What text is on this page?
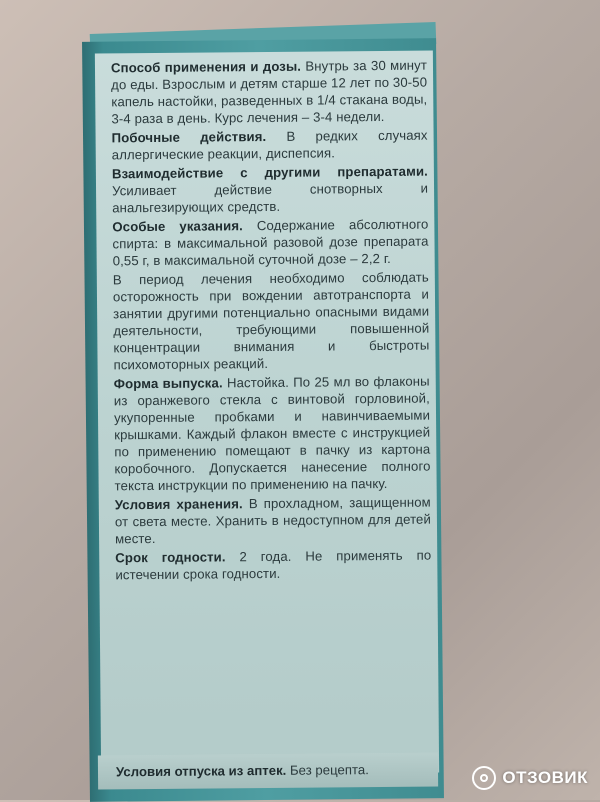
Способ применения и дозы. Внутрь за 30 минут до еды. Взрослым и детям старше 12 лет по 30-50 капель настойки, разведенных в 1/4 стакана воды, 3-4 раза в день. Курс лечения – 3-4 недели.

Побочные действия. В редких случаях аллергические реакции, диспепсия.

Взаимодействие с другими препаратами. Усиливает действие снотворных и анальгезирующих средств.

Особые указания. Содержание абсолютного спирта: в максимальной разовой дозе препарата 0,55 г, в максимальной суточной дозе – 2,2 г.

В период лечения необходимо соблюдать осторожность при вождении автотранспорта и занятии другими потенциально опасными видами деятельности, требующими повышенной концентрации внимания и быстроты психомоторных реакций.

Форма выпуска. Настойка. По 25 мл во флаконы из оранжевого стекла с винтовой горловиной, укупоренные пробками и навинчиваемыми крышками. Каждый флакон вместе с инструкцией по применению помещают в пачку из картона коробочного. Допускается нанесение полного текста инструкции по применению на пачку.

Условия хранения. В прохладном, защищенном от света месте. Хранить в недоступном для детей месте.

Срок годности. 2 года. Не применять по истечении срока годности.

Условия отпуска из аптек. Без рецепта.	ОТЗОВИК
